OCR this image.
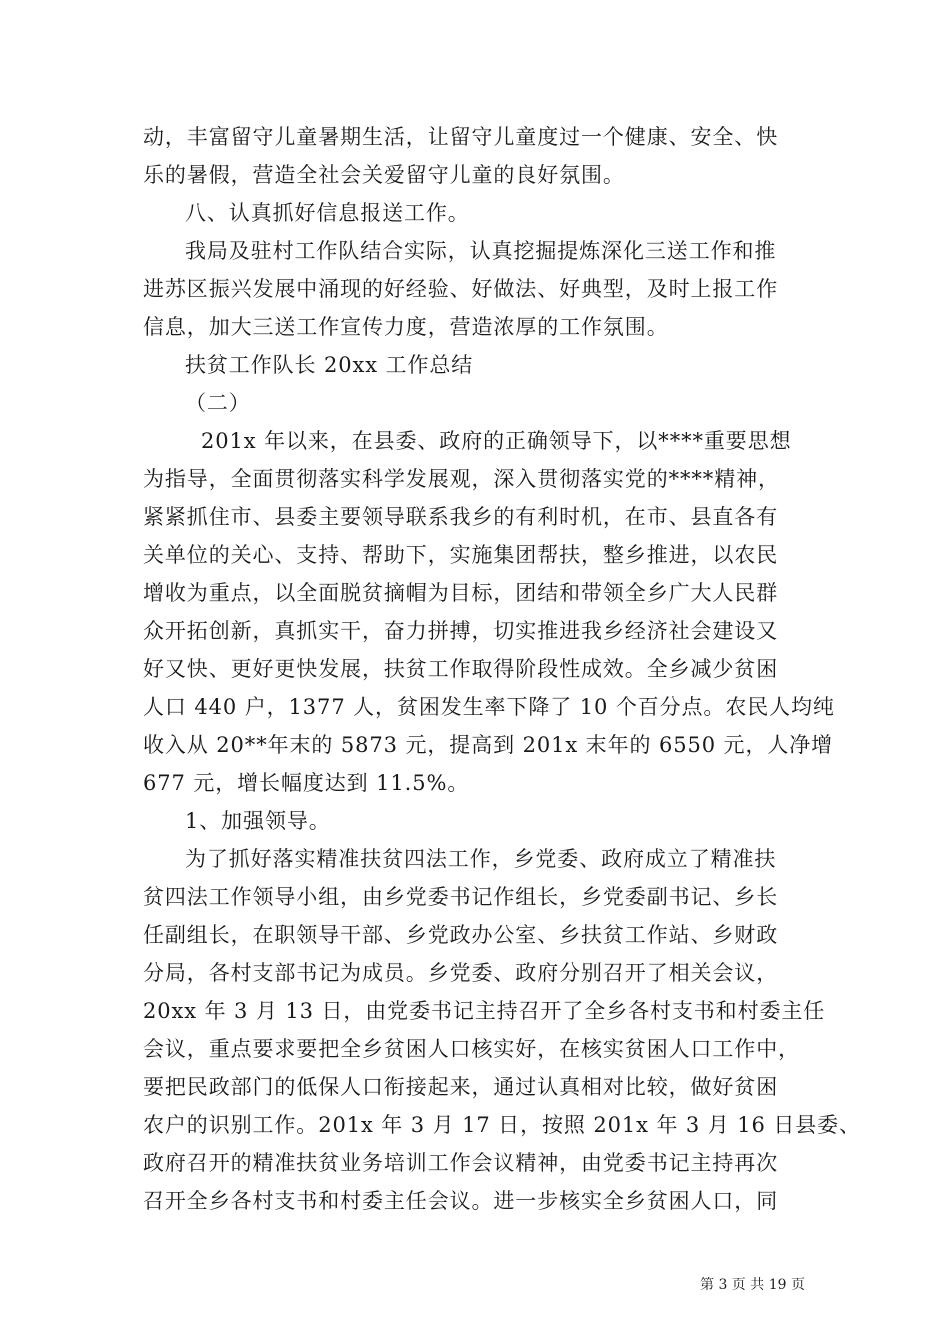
动，丰富留守儿童暑期生活，让留守儿童度过一个健康、安全、快
乐的暑假，营造全社会关爱留守儿童的良好氛围。
八、认真抓好信息报送工作。
我局及驻村工作队结合实际，认真挖掘提炼深化三送工作和推
进苏区振兴发展中涌现的好经验、好做法、好典型，及时上报工作
信息，加大三送工作宣传力度，营造浓厚的工作氛围。
扶贫工作队长 20xx 工作总结
（二）
201x 年以来，在县委、政府的正确领导下，以****重要思想
为指导，全面贯彻落实科学发展观，深入贯彻落实党的****精神，
紧紧抓住市、县委主要领导联系我乡的有利时机，在市、县直各有
关单位的关心、支持、帮助下，实施集团帮扶，整乡推进，以农民
增收为重点，以全面脱贫摘帽为目标，团结和带领全乡广大人民群
众开拓创新，真抓实干，奋力拼搏，切实推进我乡经济社会建设又
好又快、更好更快发展，扶贫工作取得阶段性成效。全乡减少贫困
人口 440 户，1377 人，贫困发生率下降了 10 个百分点。农民人均纯
收入从 20**年末的 5873 元，提高到 201x 末年的 6550 元，人净增
677 元，增长幅度达到 11.5%。
1、加强领导。
为了抓好落实精准扶贫四法工作，乡党委、政府成立了精准扶
贫四法工作领导小组，由乡党委书记作组长，乡党委副书记、乡长
任副组长，在职领导干部、乡党政办公室、乡扶贫工作站、乡财政
分局，各村支部书记为成员。乡党委、政府分别召开了相关会议，
20xx 年 3 月 13 日，由党委书记主持召开了全乡各村支书和村委主任
会议，重点要求要把全乡贫困人口核实好，在核实贫困人口工作中，
要把民政部门的低保人口衔接起来，通过认真相对比较，做好贫困
农户的识别工作。201x 年 3 月 17 日，按照 201x 年 3 月 16 日县委、
政府召开的精准扶贫业务培训工作会议精神，由党委书记主持再次
召开全乡各村支书和村委主任会议。进一步核实全乡贫困人口，同
第 3 页 共 19 页
